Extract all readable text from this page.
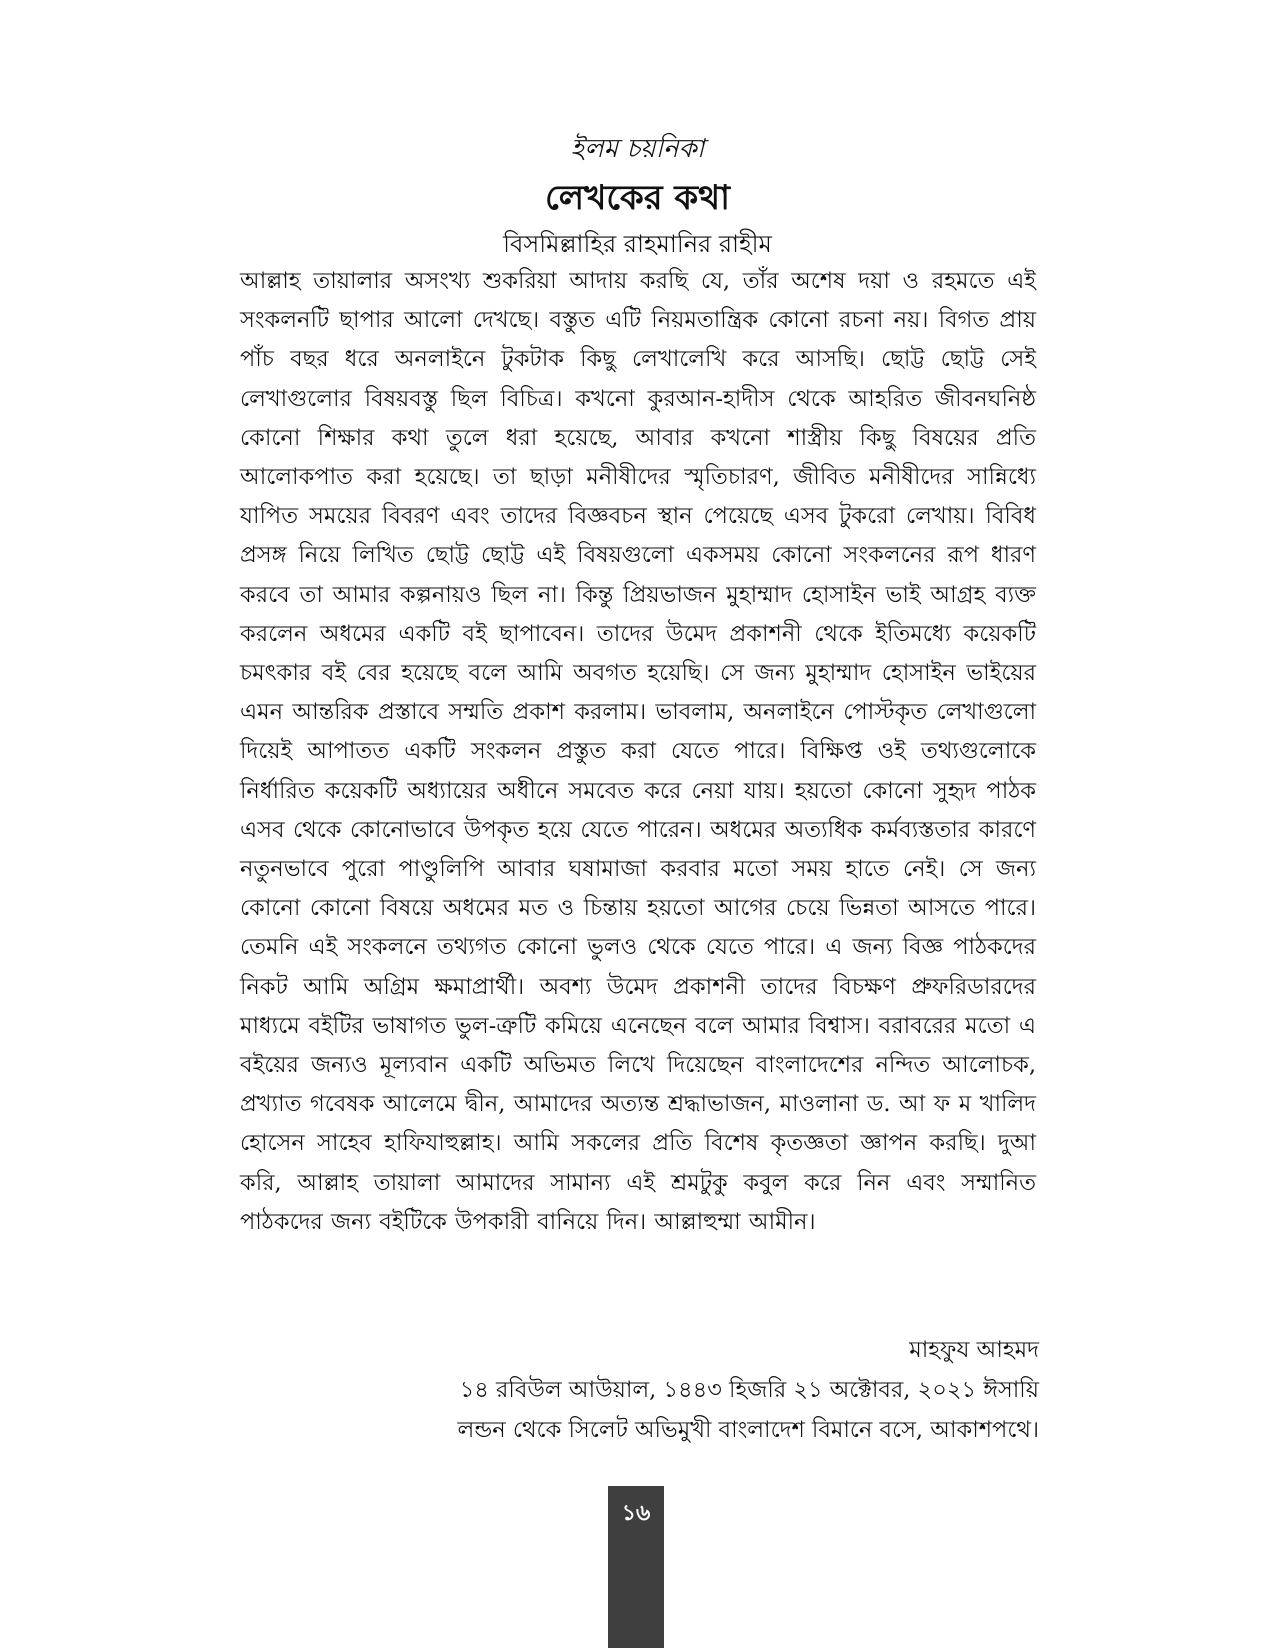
ইলম চয়নিকা
লেখকের কথা
বিসমিল্লাহির রাহমানির রাহীম
আল্লাহ তায়ালার অসংখ্য শুকরিয়া আদায় করছি যে, তাঁর অশেষ দয়া ও রহমতে এই সংকলনটি ছাপার আলো দেখছে। বস্তুত এটি নিয়মতান্ত্রিক কোনো রচনা নয়। বিগত প্রায় পাঁচ বছর ধরে অনলাইনে টুকটাক কিছু লেখালেখি করে আসছি। ছোট্ট ছোট্ট সেই লেখাগুলোর বিষয়বস্তু ছিল বিচিত্র। কখনো কুরআন-হাদীস থেকে আহরিত জীবনঘনিষ্ঠ কোনো শিক্ষার কথা তুলে ধরা হয়েছে, আবার কখনো শাস্ত্রীয় কিছু বিষয়ের প্রতি আলোকপাত করা হয়েছে। তা ছাড়া মনীষীদের স্মৃতিচারণ, জীবিত মনীষীদের সান্নিধ্যে যাপিত সময়ের বিবরণ এবং তাদের বিজ্ঞবচন স্থান পেয়েছে এসব টুকরো লেখায়। বিবিধ প্রসঙ্গ নিয়ে লিখিত ছোট্ট ছোট্ট এই বিষয়গুলো একসময় কোনো সংকলনের রূপ ধারণ করবে তা আমার কল্পনায়ও ছিল না। কিন্তু প্রিয়ভাজন মুহাম্মাদ হোসাইন ভাই আগ্রহ ব্যক্ত করলেন অধমের একটি বই ছাপাবেন। তাদের উমেদ প্রকাশনী থেকে ইতিমধ্যে কয়েকটি চমৎকার বই বের হয়েছে বলে আমি অবগত হয়েছি। সে জন্য মুহাম্মাদ হোসাইন ভাইয়ের এমন আন্তরিক প্রস্তাবে সম্মতি প্রকাশ করলাম। ভাবলাম, অনলাইনে পোস্টকৃত লেখাগুলো দিয়েই আপাতত একটি সংকলন প্রস্তুত করা যেতে পারে। বিক্ষিপ্ত ওই তথ্যগুলোকে নির্ধারিত কয়েকটি অধ্যায়ের অধীনে সমবেত করে নেয়া যায়। হয়তো কোনো সুহৃদ পাঠক এসব থেকে কোনোভাবে উপকৃত হয়ে যেতে পারেন। অধমের অত্যধিক কর্মব্যস্ততার কারণে নতুনভাবে পুরো পাণ্ডুলিপি আবার ঘষামাজা করবার মতো সময় হাতে নেই। সে জন্য কোনো কোনো বিষয়ে অধমের মত ও চিন্তায় হয়তো আগের চেয়ে ভিন্নতা আসতে পারে। তেমনি এই সংকলনে তথ্যগত কোনো ভুলও থেকে যেতে পারে। এ জন্য বিজ্ঞ পাঠকদের নিকট আমি অগ্রিম ক্ষমাপ্রার্থী। অবশ্য উমেদ প্রকাশনী তাদের বিচক্ষণ প্রুফরিডারদের মাধ্যমে বইটির ভাষাগত ভুল-ত্রুটি কমিয়ে এনেছেন বলে আমার বিশ্বাস। বরাবরের মতো এ বইয়ের জন্যও মূল্যবান একটি অভিমত লিখে দিয়েছেন বাংলাদেশের নন্দিত আলোচক, প্রখ্যাত গবেষক আলেমে দ্বীন, আমাদের অত্যন্ত শ্রদ্ধাভাজন, মাওলানা ড. আ ফ ম খালিদ হোসেন সাহেব হাফিযাহুল্লাহ। আমি সকলের প্রতি বিশেষ কৃতজ্ঞতা জ্ঞাপন করছি। দুআ করি, আল্লাহ তায়ালা আমাদের সামান্য এই শ্রমটুকু কবুল করে নিন এবং সম্মানিত পাঠকদের জন্য বইটিকে উপকারী বানিয়ে দিন। আল্লাহুম্মা আমীন।
মাহফুয আহমদ
১৪ রবিউল আউয়াল, ১৪৪৩ হিজরি ২১ অক্টোবর, ২০২১ ঈসায়ি
লন্ডন থেকে সিলেট অভিমুখী বাংলাদেশ বিমানে বসে, আকাশপথে।
১৬
